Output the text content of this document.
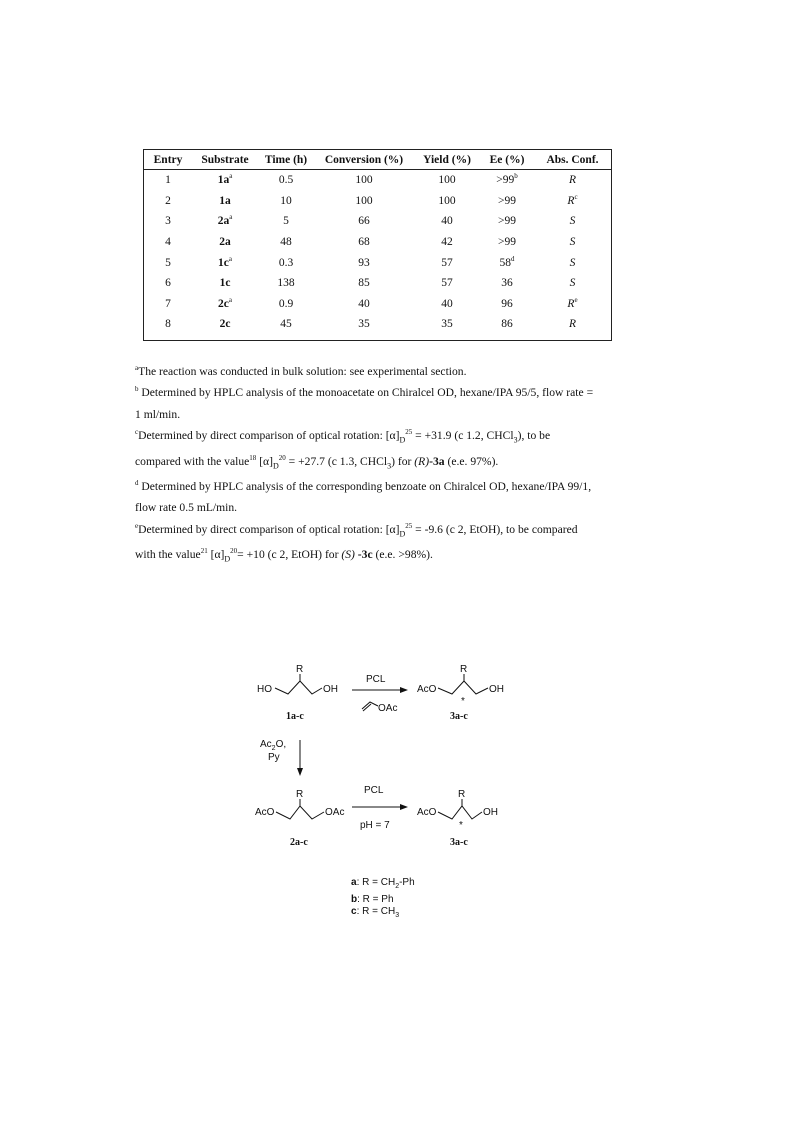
Entry	Substrate	Time (h)	Conversion (%)	Yield (%)	Ee (%)	Abs. Conf.
1	$1a^a$	0.5	100	100	$>99^b$	R
2	1a	10	100	100	>99	$R^c$
3	$2a^a$	5	66	40	>99	S
4	2a	48	68	42	>99	S
5	$1c^a$	0.3	93	57	58$^d$	S
6	1c	138	85	57	36	S
7	$2c^a$	0.9	40	40	96	$R^e$
8	2c	45	35	35	86	R

$^a$The reaction was conducted in bulk solution: see experimental section.

$^b$ Determined by HPLC analysis of the monoacetate on Chiralcel OD, hexane/IPA 95/5, flow rate =

1 ml/min.

$^c$Determined by direct comparison of optical rotation: $[\alpha]_D^{25} = +31.9$ (c 1.2, CHCl$_3$), to be

compared with the value$^{18}$ $[\alpha]_D^{20} = +27.7$ (c 1.3, CHCl$_3$) for (R)-3a (e.e. 97%).

$^d$ Determined by HPLC analysis of the corresponding benzoate on Chiralcel OD, hexane/IPA 99/1,

flow rate 0.5 mL/min.

$^e$Determined by direct comparison of optical rotation: $[\alpha]_D^{25} = -9.6$ (c 2, EtOH), to be compared

with the value$^{21}$ $[\alpha]_D^{20}= +10$ (c 2, EtOH) for (S) -3c (e.e. >98%).

R
HO	OH
1a-c
PCL
OAc
R
AcO	OH
*
3a-c
$Ac_2O$,
Py
R
AcO	OAc
2a-c
PCL
pH = 7
R
AcO	OH
*
3a-c
a: $R = CH_2-Ph$
b: R = Ph
c: $R = CH_3$
